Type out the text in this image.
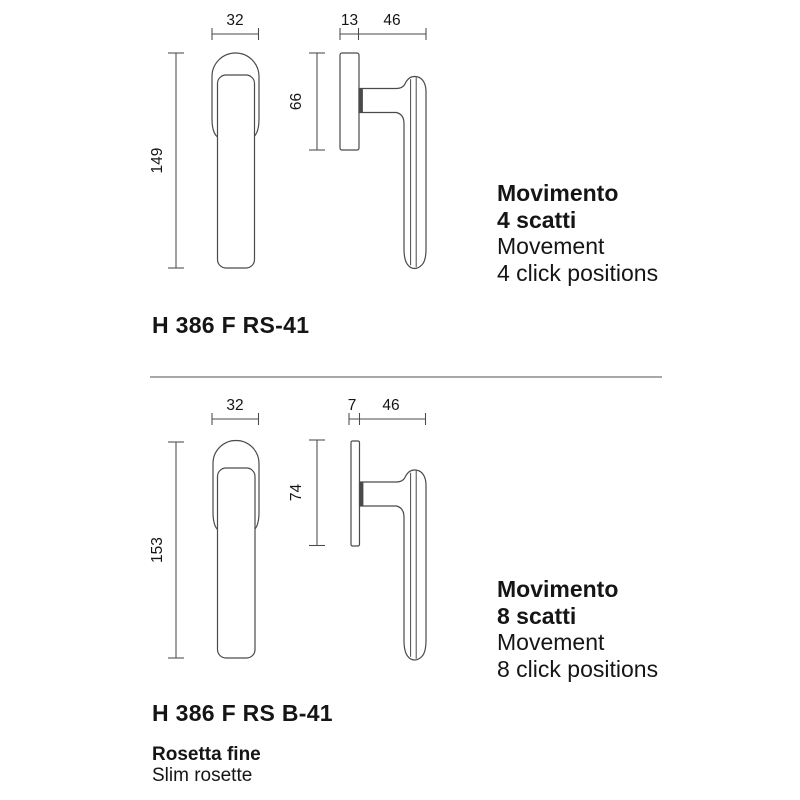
32	13 46
149
66
32	7 46
153
74
Movimento
4 scatti
Movement
4 click positions
H 386 F RS-41
Movimento
8 scatti
Movement
8 click positions
H 386 F RS B-41
Rosetta fine
Slim rosette
